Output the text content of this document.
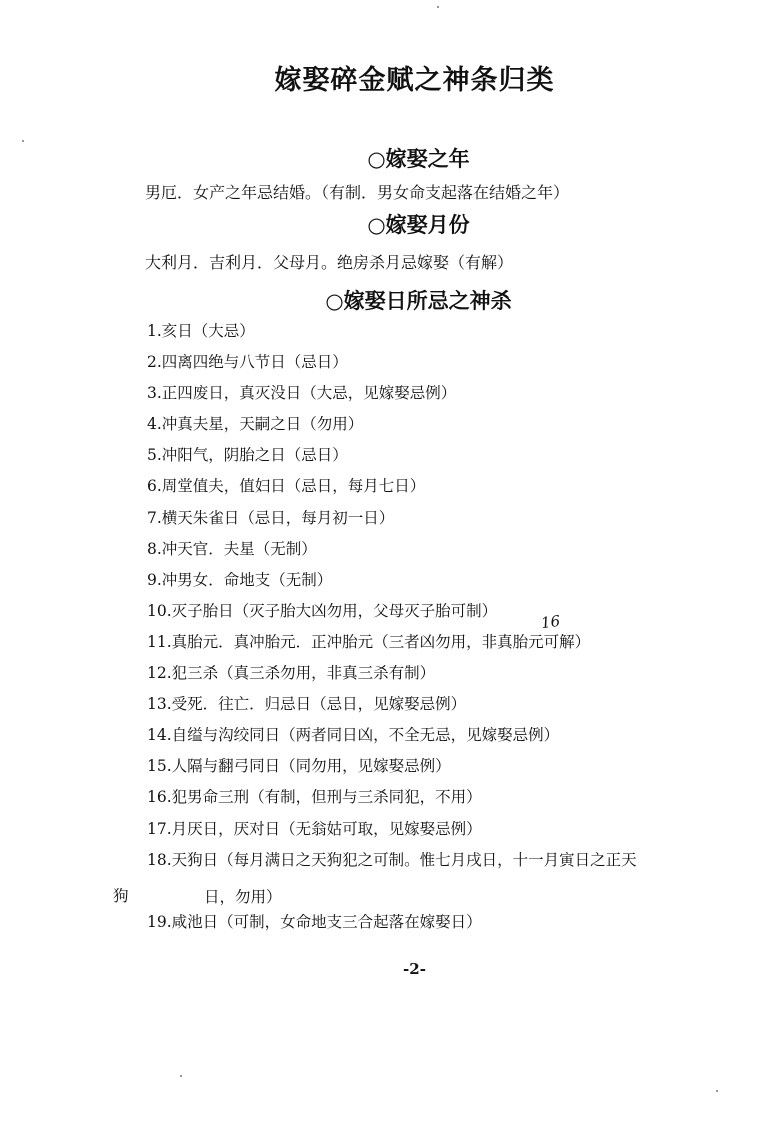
嫁娶碎金赋之神条归类
○嫁娶之年
男厄．女产之年忌结婚。（有制．男女命支起落在结婚之年）
○嫁娶月份
大利月．吉利月．父母月。绝房杀月忌嫁娶（有解）
○嫁娶日所忌之神杀
1.亥日（大忌）
2.四离四绝与八节日（忌日）
3.正四废日，真灭没日（大忌，见嫁娶忌例）
4.冲真夫星，天嗣之日（勿用）
5.冲阳气，阴胎之日（忌日）
6.周堂值夫，值妇日（忌日，每月七日）
7.横天朱雀日（忌日，每月初一日）
8.冲天官．夫星（无制）
9.冲男女．命地支（无制）
10.灭子胎日（灭子胎大凶勿用，父母灭子胎可制）
11.真胎元．真冲胎元．正冲胎元（三者凶勿用，非真胎元可解）
12.犯三杀（真三杀勿用，非真三杀有制）
13.受死．往亡．归忌日（忌日，见嫁娶忌例）
14.自缢与沟绞同日（两者同日凶，不全无忌，见嫁娶忌例）
15.人隔与翻弓同日（同勿用，见嫁娶忌例）
16.犯男命三刑（有制，但刑与三杀同犯，不用）
17.月厌日，厌对日（无翁姑可取，见嫁娶忌例）
18.天狗日（每月满日之天狗犯之可制。惟七月戌日，十一月寅日之正天
19.咸池日（可制，女命地支三合起落在嫁娶日）
日，勿用）
狗
16
-2-
